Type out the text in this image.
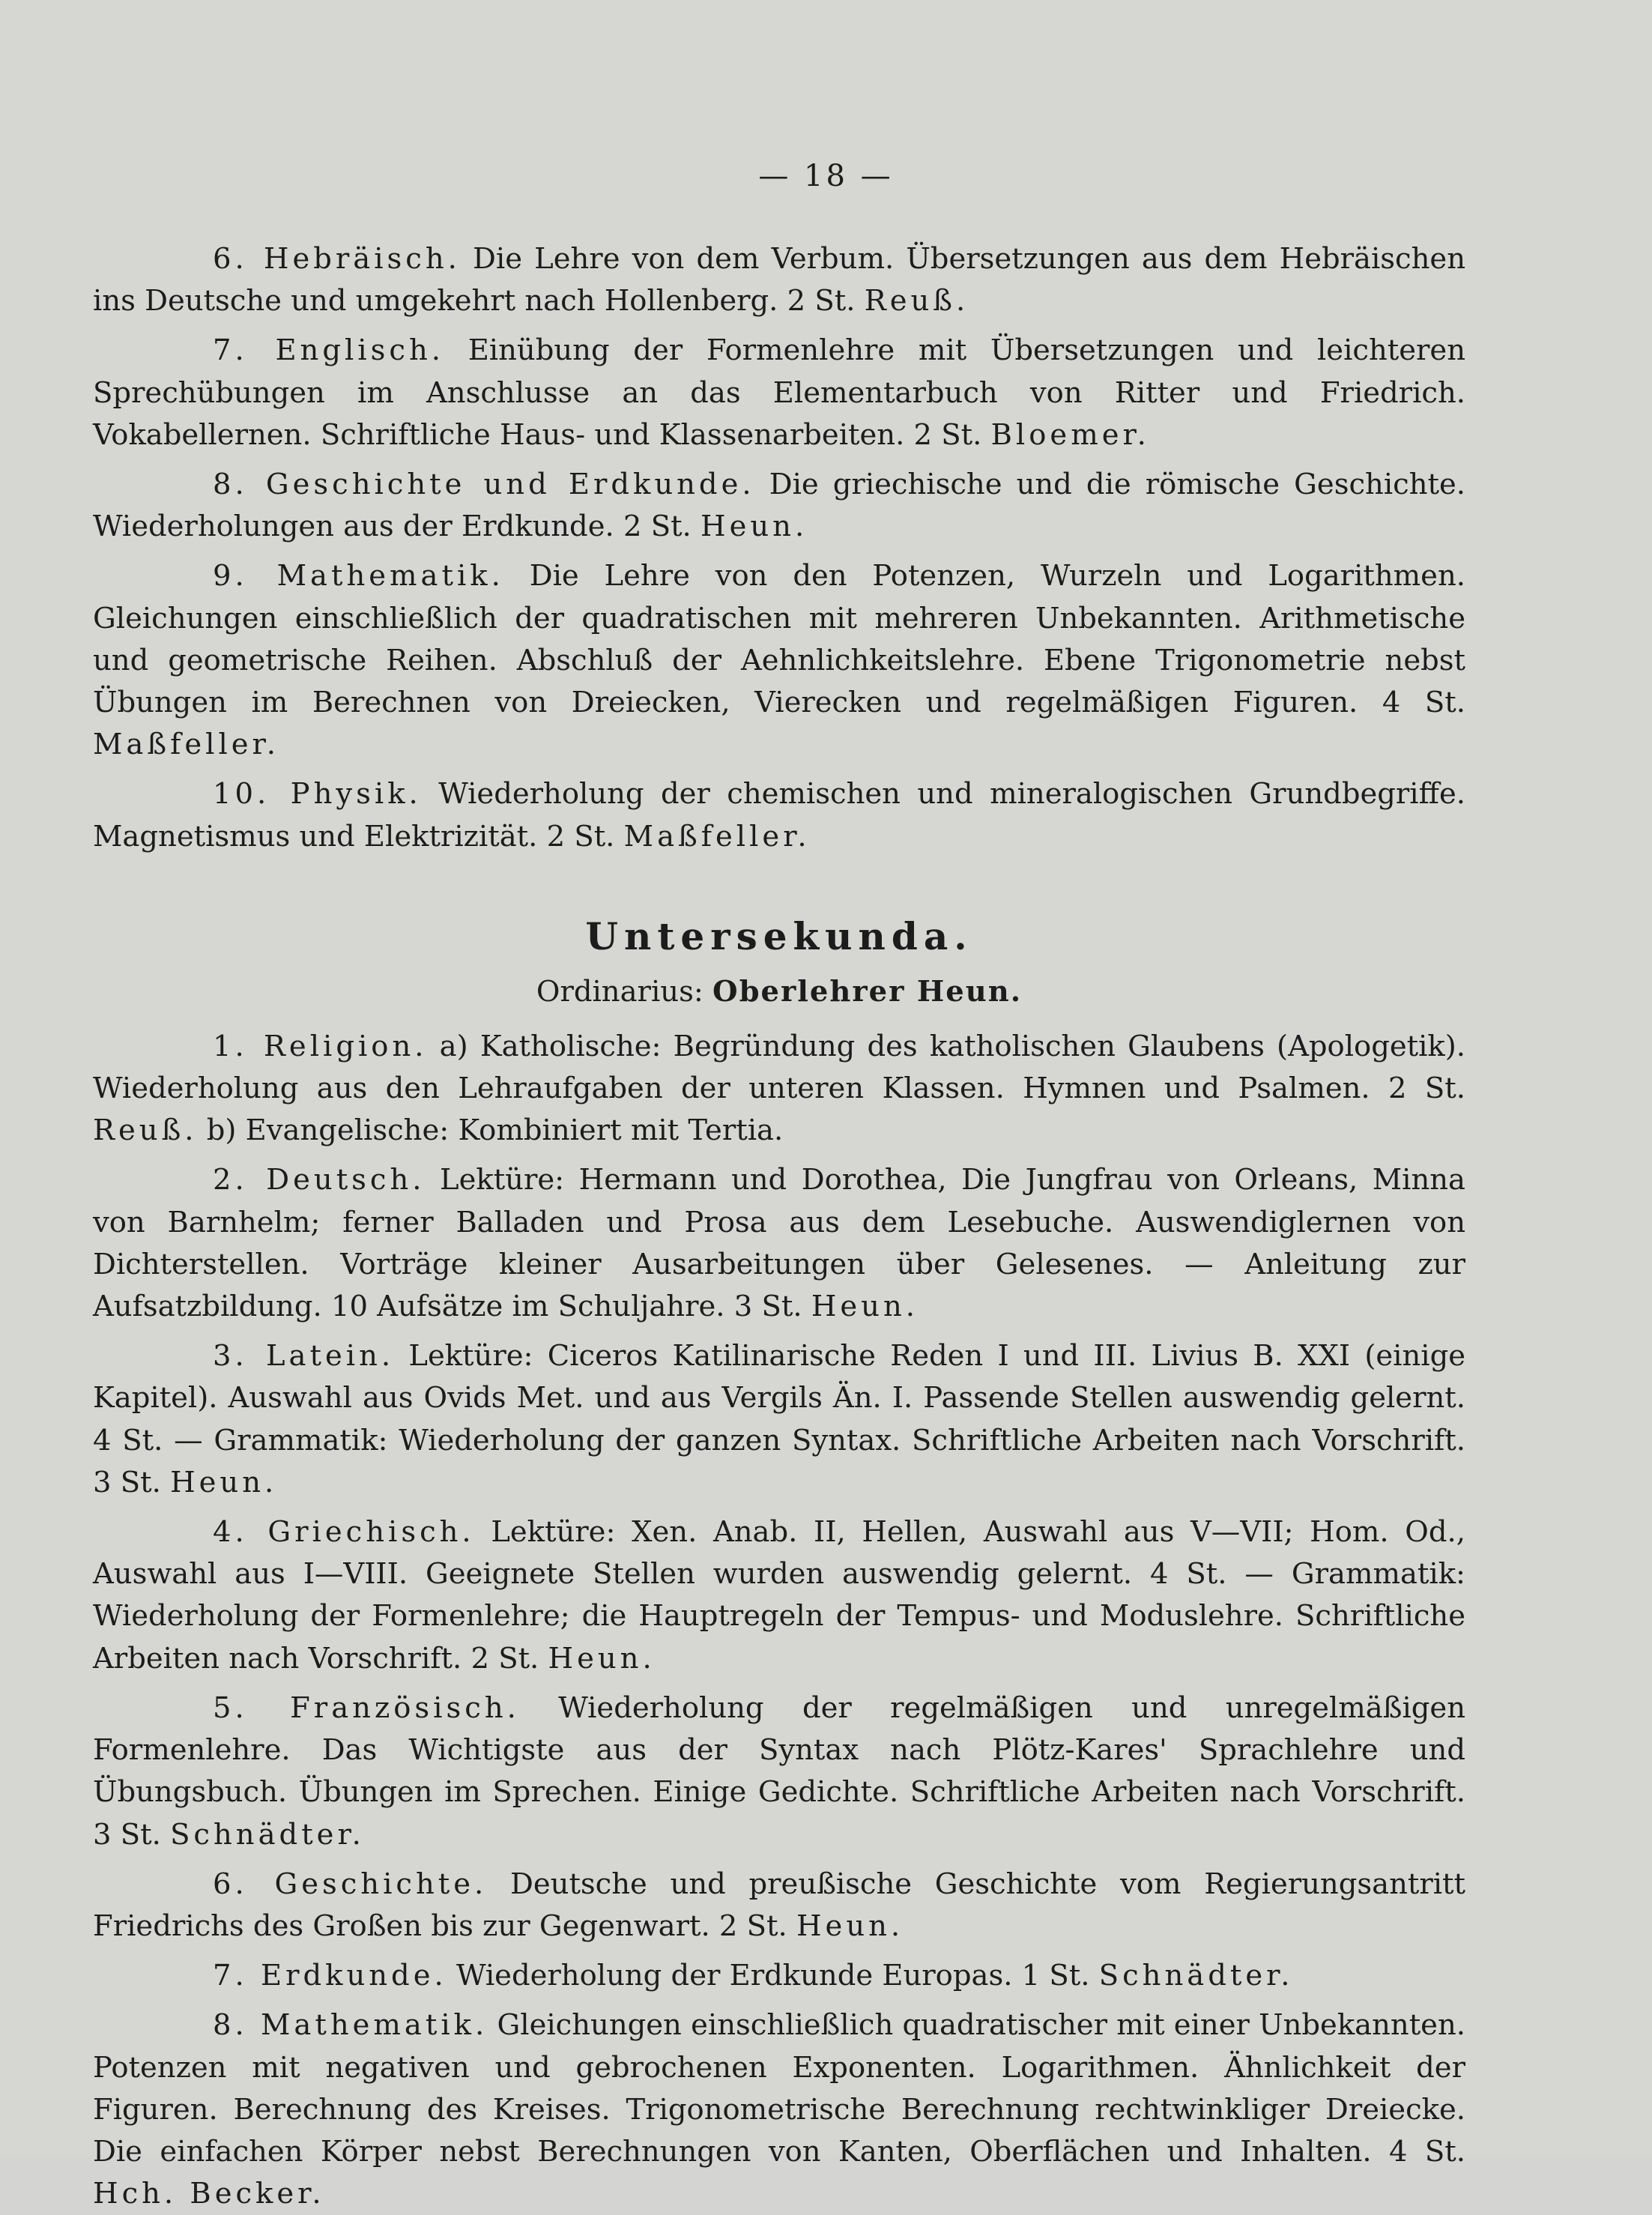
— 18 —

6. Hebräisch. Die Lehre von dem Verbum. Übersetzungen aus dem Hebräischen ins Deutsche und umgekehrt nach Hollenberg. 2 St. Reuß.

7. Englisch. Einübung der Formenlehre mit Übersetzungen und leichteren Sprechübungen im Anschlusse an das Elementarbuch von Ritter und Friedrich. Vokabellernen. Schriftliche Haus- und Klassenarbeiten. 2 St. Bloemer.

8. Geschichte und Erdkunde. Die griechische und die römische Geschichte. Wiederholungen aus der Erdkunde. 2 St. Heun.

9. Mathematik. Die Lehre von den Potenzen, Wurzeln und Logarithmen. Gleichungen einschließlich der quadratischen mit mehreren Unbekannten. Arithmetische und geometrische Reihen. Abschluß der Aehnlichkeitslehre. Ebene Trigonometrie nebst Übungen im Berechnen von Dreiecken, Vierecken und regelmäßigen Figuren. 4 St. Maßfeller.

10. Physik. Wiederholung der chemischen und mineralogischen Grundbegriffe. Magnetismus und Elektrizität. 2 St. Maßfeller.

Untersekunda.
Ordinarius: Oberlehrer Heun.

1. Religion. a) Katholische: Begründung des katholischen Glaubens (Apologetik). Wiederholung aus den Lehraufgaben der unteren Klassen. Hymnen und Psalmen. 2 St. Reuß. b) Evangelische: Kombiniert mit Tertia.

2. Deutsch. Lektüre: Hermann und Dorothea, Die Jungfrau von Orleans, Minna von Barnhelm; ferner Balladen und Prosa aus dem Lesebuche. Auswendiglernen von Dichterstellen. Vorträge kleiner Ausarbeitungen über Gelesenes. — Anleitung zur Aufsatzbildung. 10 Aufsätze im Schuljahre. 3 St. Heun.

3. Latein. Lektüre: Ciceros Katilinarische Reden I und III. Livius B. XXI (einige Kapitel). Auswahl aus Ovids Met. und aus Vergils Än. I. Passende Stellen auswendig gelernt. 4 St. — Grammatik: Wiederholung der ganzen Syntax. Schriftliche Arbeiten nach Vorschrift. 3 St. Heun.

4. Griechisch. Lektüre: Xen. Anab. II, Hellen, Auswahl aus V—VII; Hom. Od., Auswahl aus I—VIII. Geeignete Stellen wurden auswendig gelernt. 4 St. — Grammatik: Wiederholung der Formenlehre; die Hauptregeln der Tempus- und Moduslehre. Schriftliche Arbeiten nach Vorschrift. 2 St. Heun.

5. Französisch. Wiederholung der regelmäßigen und unregelmäßigen Formenlehre. Das Wichtigste aus der Syntax nach Plötz-Kares' Sprachlehre und Übungsbuch. Übungen im Sprechen. Einige Gedichte. Schriftliche Arbeiten nach Vorschrift. 3 St. Schnädter.

6. Geschichte. Deutsche und preußische Geschichte vom Regierungsantritt Friedrichs des Großen bis zur Gegenwart. 2 St. Heun.

7. Erdkunde. Wiederholung der Erdkunde Europas. 1 St. Schnädter.

8. Mathematik. Gleichungen einschließlich quadratischer mit einer Unbekannten. Potenzen mit negativen und gebrochenen Exponenten. Logarithmen. Ähnlichkeit der Figuren. Berechnung des Kreises. Trigonometrische Berechnung rechtwinkliger Dreiecke. Die einfachen Körper nebst Berechnungen von Kanten, Oberflächen und Inhalten. 4 St. Hch. Becker.
